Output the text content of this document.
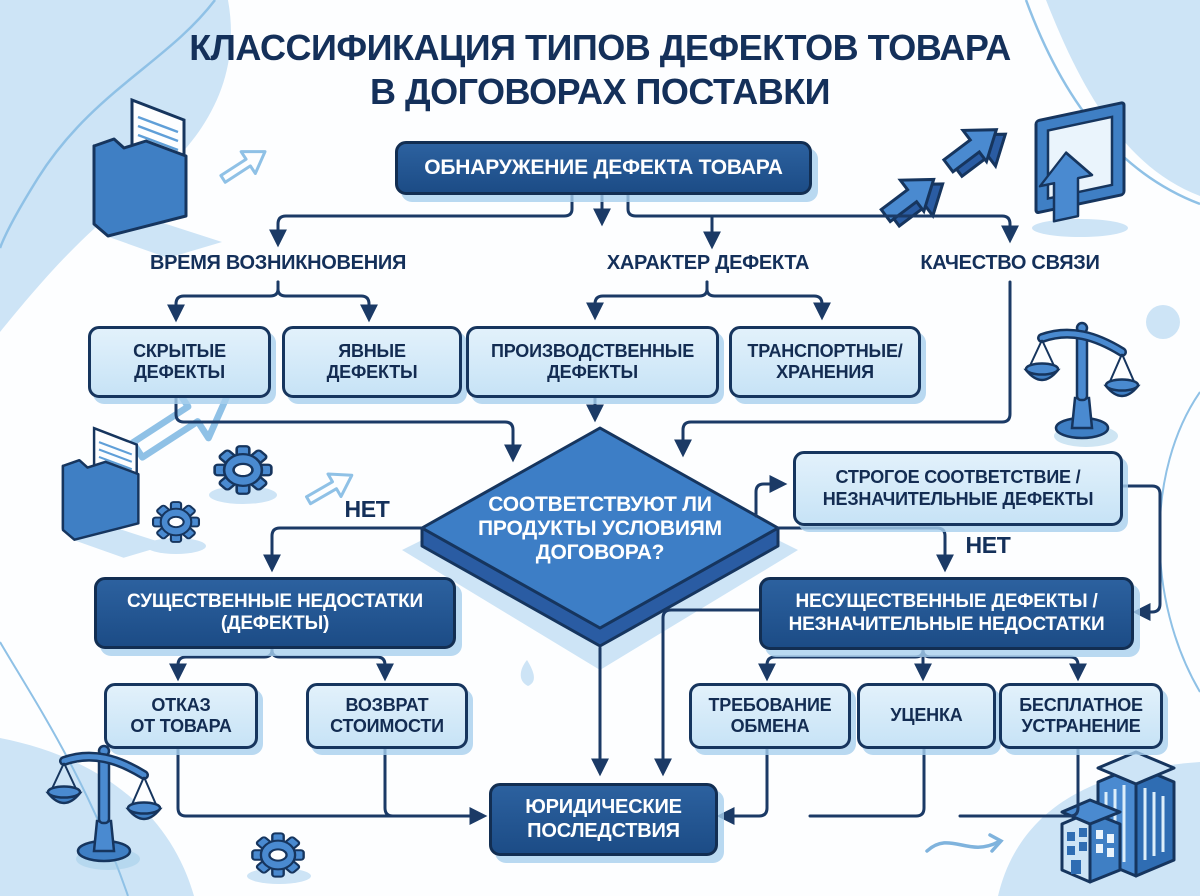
КЛАССИФИКАЦИЯ ТИПОВ ДЕФЕКТОВ ТОВАРА
В ДОГОВОРАХ ПОСТАВКИ
ОБНАРУЖЕНИЕ ДЕФЕКТА ТОВАРА
ВРЕМЯ ВОЗНИКНОВЕНИЯ	ХАРАКТЕР ДЕФЕКТА	КАЧЕСТВО СВЯЗИ
СКРЫТЫЕ
ДЕФЕКТЫ
ЯВНЫЕ
ДЕФЕКТЫ
ПРОИЗВОДСТВЕННЫЕ
ДЕФЕКТЫ
ТРАНСПОРТНЫЕ/
ХРАНЕНИЯ
СООТВЕТСТВУЮТ ЛИ
ПРОДУКТЫ УСЛОВИЯМ
ДОГОВОРА?
НЕТ
НЕТ
СТРОГОЕ СООТВЕТСТВИЕ /
НЕЗНАЧИТЕЛЬНЫЕ ДЕФЕКТЫ
СУЩЕСТВЕННЫЕ НЕДОСТАТКИ
(ДЕФЕКТЫ)
НЕСУЩЕСТВЕННЫЕ ДЕФЕКТЫ /
НЕЗНАЧИТЕЛЬНЫЕ НЕДОСТАТКИ
ОТКАЗ
ОТ ТОВАРА
ВОЗВРАТ
СТОИМОСТИ
ТРЕБОВАНИЕ
ОБМЕНА
УЦЕНКА
БЕСПЛАТНОЕ
УСТРАНЕНИЕ
ЮРИДИЧЕСКИЕ
ПОСЛЕДСТВИЯ
